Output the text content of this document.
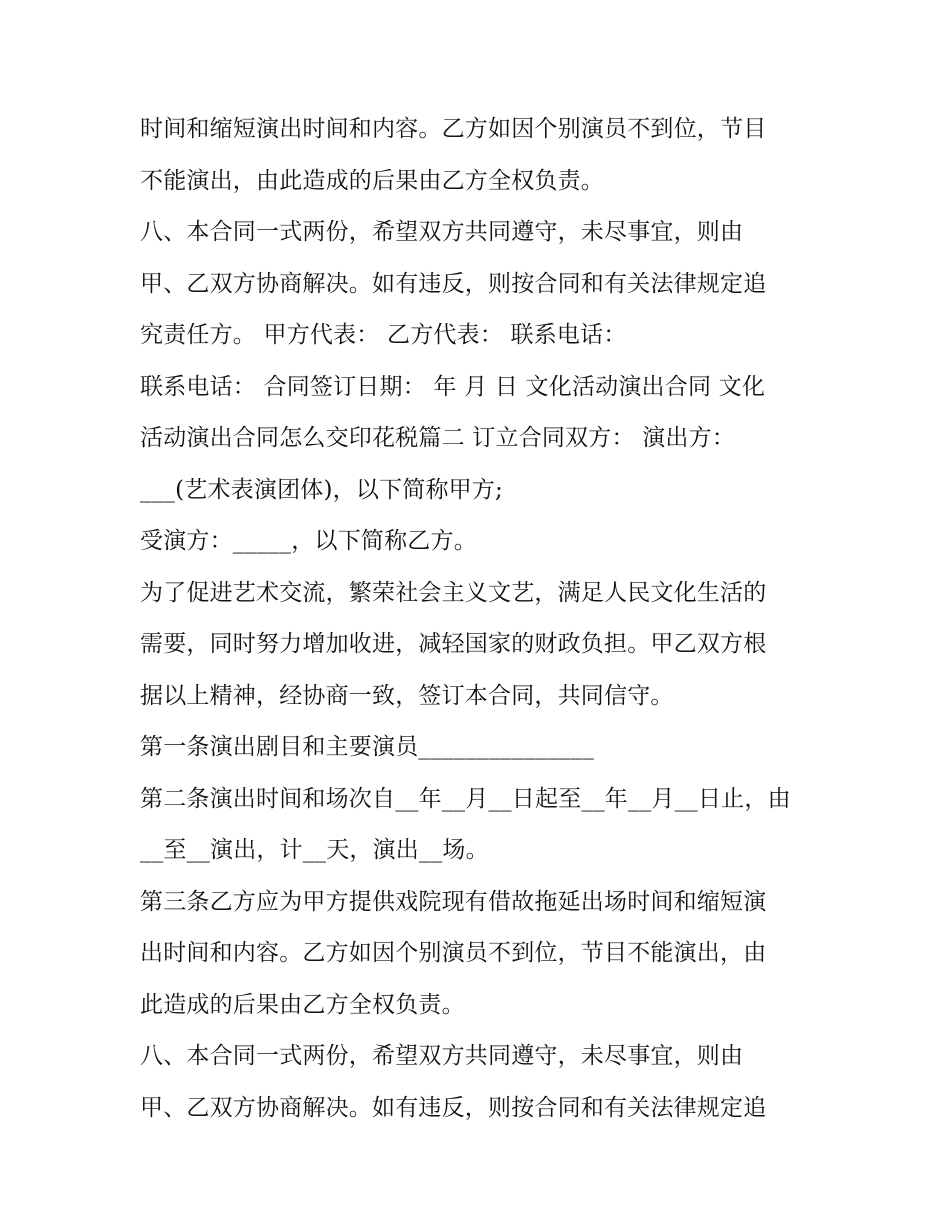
时间和缩短演出时间和内容。乙方如因个别演员不到位，节目
不能演出，由此造成的后果由乙方全权负责。
八、本合同一式两份，希望双方共同遵守，未尽事宜，则由
甲、乙双方协商解决。如有违反，则按合同和有关法律规定追
究责任方。 甲方代表： 乙方代表： 联系电话：
联系电话： 合同签订日期： 年 月 日 文化活动演出合同 文化
活动演出合同怎么交印花税篇二 订立合同双方： 演出方：
___(艺术表演团体)，以下简称甲方;
受演方：_____，以下简称乙方。
为了促进艺术交流，繁荣社会主义文艺，满足人民文化生活的
需要，同时努力增加收进，减轻国家的财政负担。甲乙双方根
据以上精神，经协商一致，签订本合同，共同信守。
第一条演出剧目和主要演员_______________
第二条演出时间和场次自__年__月__日起至__年__月__日止，由
__至__演出，计__天，演出__场。
第三条乙方应为甲方提供戏院现有借故拖延出场时间和缩短演
出时间和内容。乙方如因个别演员不到位，节目不能演出，由
此造成的后果由乙方全权负责。
八、本合同一式两份，希望双方共同遵守，未尽事宜，则由
甲、乙双方协商解决。如有违反，则按合同和有关法律规定追
